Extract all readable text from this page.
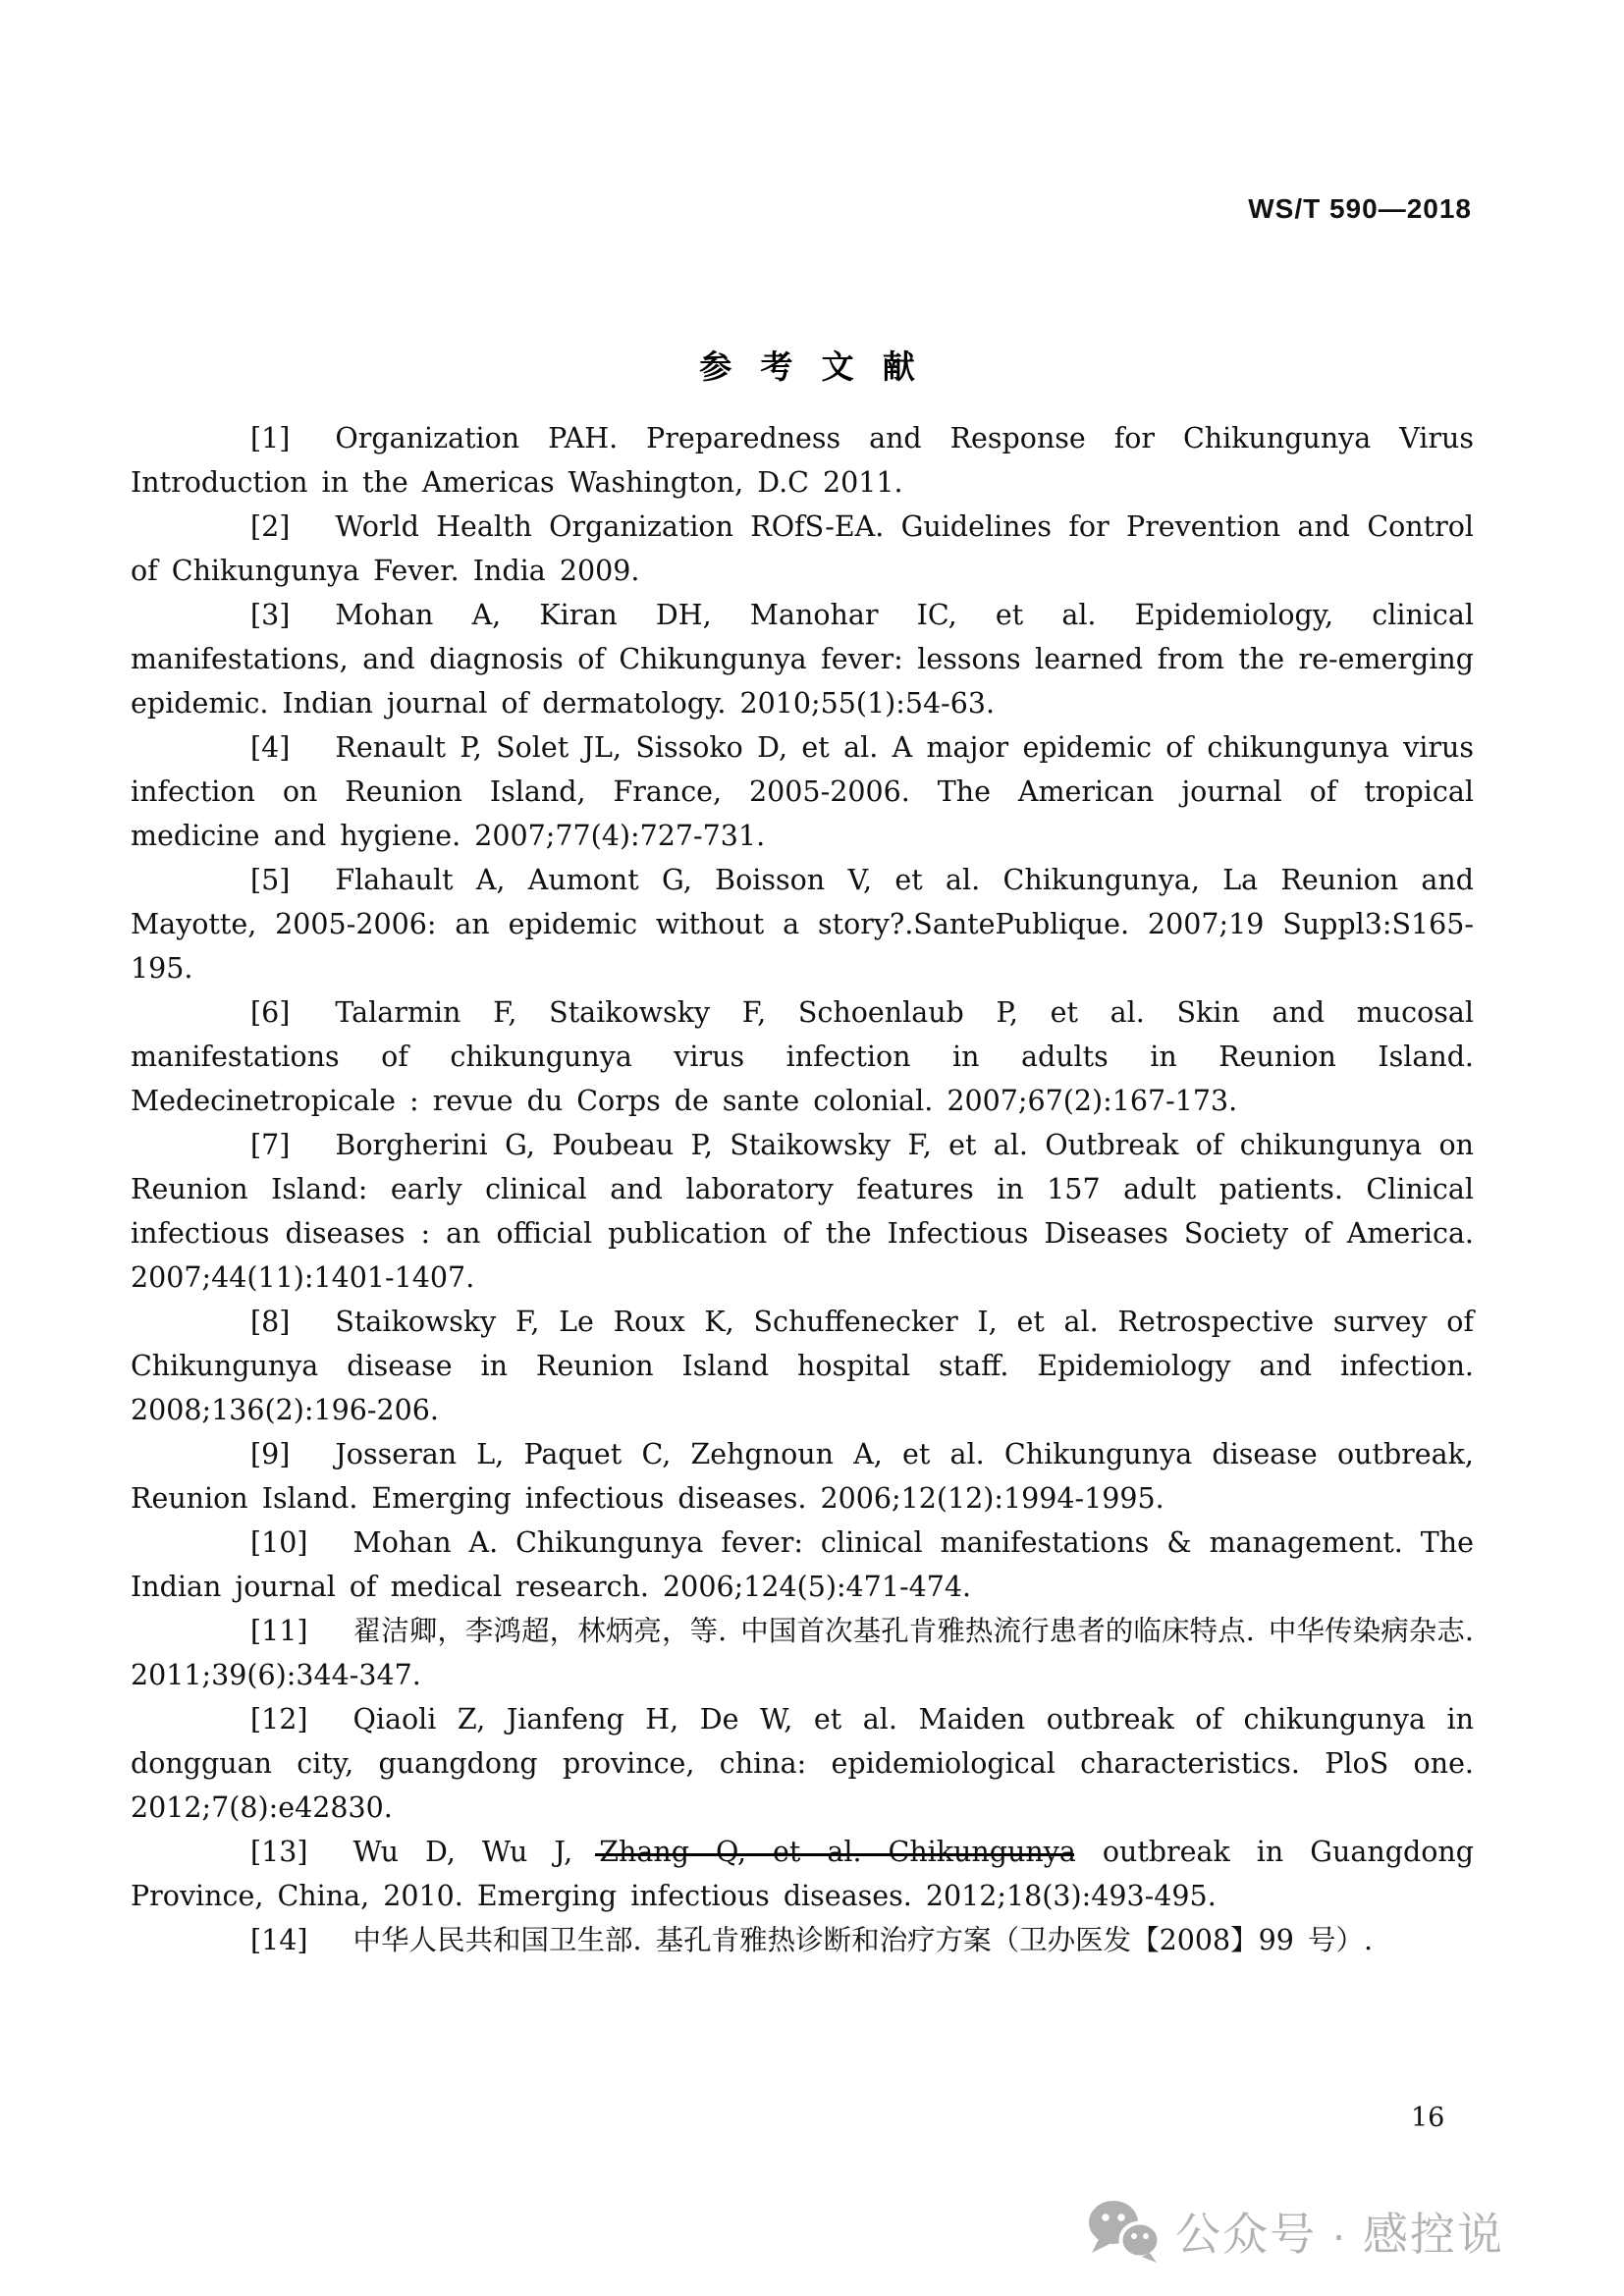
WS/T 590—2018
参 考 文 献

[1] Organization PAH. Preparedness and Response for Chikungunya Virus Introduction in the Americas Washington, D.C 2011.

[2] World Health Organization ROfS-EA. Guidelines for Prevention and Control of Chikungunya Fever. India 2009.

[3] Mohan A, Kiran DH, Manohar IC, et al. Epidemiology, clinical manifestations, and diagnosis of Chikungunya fever: lessons learned from the re-emerging epidemic. Indian journal of dermatology. 2010;55(1):54-63.

[4] Renault P, Solet JL, Sissoko D, et al. A major epidemic of chikungunya virus infection on Reunion Island, France, 2005-2006. The American journal of tropical medicine and hygiene. 2007;77(4):727-731.

[5] Flahault A, Aumont G, Boisson V, et al. Chikungunya, La Reunion and Mayotte, 2005-2006: an epidemic without a story?.SantePublique. 2007;19 Suppl3:S165-195.

[6] Talarmin F, Staikowsky F, Schoenlaub P, et al. Skin and mucosal manifestations of chikungunya virus infection in adults in Reunion Island. Medecinetropicale : revue du Corps de sante colonial. 2007;67(2):167-173.

[7] Borgherini G, Poubeau P, Staikowsky F, et al. Outbreak of chikungunya on Reunion Island: early clinical and laboratory features in 157 adult patients. Clinical infectious diseases : an official publication of the Infectious Diseases Society of America. 2007;44(11):1401-1407.

[8] Staikowsky F, Le Roux K, Schuffenecker I, et al. Retrospective survey of Chikungunya disease in Reunion Island hospital staff. Epidemiology and infection. 2008;136(2):196-206.

[9] Josseran L, Paquet C, Zehgnoun A, et al. Chikungunya disease outbreak, Reunion Island. Emerging infectious diseases. 2006;12(12):1994-1995.

[10] Mohan A. Chikungunya fever: clinical manifestations & management. The Indian journal of medical research. 2006;124(5):471-474.

[11] 翟洁卿，李鸿超，林炳亮，等. 中国首次基孔肯雅热流行患者的临床特点. 中华传染病杂志. 2011;39(6):344-347.

[12] Qiaoli Z, Jianfeng H, De W, et al. Maiden outbreak of chikungunya in dongguan city, guangdong province, china: epidemiological characteristics. PloS one. 2012;7(8):e42830.

[13] Wu D, Wu J, Zhang Q, et al. Chikungunya outbreak in Guangdong Province, China, 2010. Emerging infectious diseases. 2012;18(3):493-495.

[14] 中华人民共和国卫生部. 基孔肯雅热诊断和治疗方案（卫办医发【2008】99 号）.

16
公众号 · 感控说
